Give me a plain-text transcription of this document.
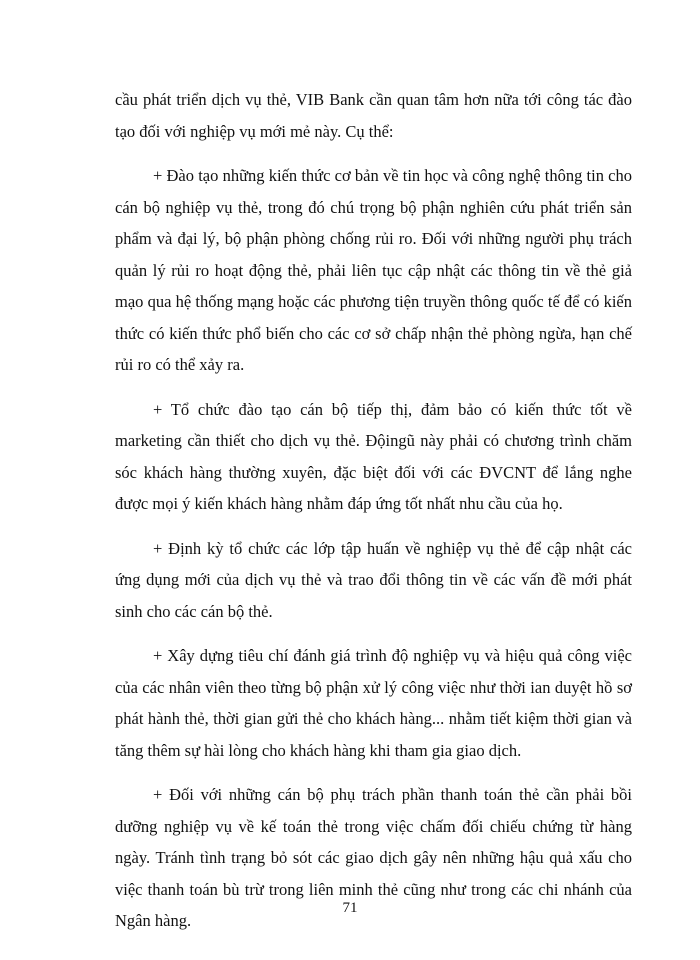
cầu phát triển dịch vụ thẻ, VIB Bank cần quan tâm hơn nữa tới công tác đào tạo đối với nghiệp vụ mới mẻ này. Cụ thể:

+ Đào tạo những kiến thức cơ bản về tin học và công nghệ thông tin cho cán bộ nghiệp vụ thẻ, trong đó chú trọng bộ phận nghiên cứu phát triển sản phẩm và đại lý, bộ phận phòng chống rủi ro. Đối với những người phụ trách quản lý rủi ro hoạt động thẻ, phải liên tục cập nhật các thông tin về thẻ giả mạo qua hệ thống mạng hoặc các phương tiện truyền thông quốc tế để có kiến thức có kiến thức phổ biến cho các cơ sở chấp nhận thẻ phòng ngừa, hạn chế rủi ro có thể xảy ra.

+ Tổ chức đào tạo cán bộ tiếp thị, đảm bảo có kiến thức tốt về marketing cần thiết cho dịch vụ thẻ. Độingũ này phải có chương trình chăm sóc khách hàng thường xuyên, đặc biệt đối với các ĐVCNT để lắng nghe được mọi ý kiến khách hàng nhằm đáp ứng tốt nhất nhu cầu của họ.

+ Định kỳ tổ chức các lớp tập huấn về nghiệp vụ thẻ để cập nhật các ứng dụng mới của dịch vụ thẻ và trao đổi thông tin về các vấn đề mới phát sinh cho các cán bộ thẻ.

+ Xây dựng tiêu chí đánh giá trình độ nghiệp vụ và hiệu quả công việc của các nhân viên theo từng bộ phận xử lý công việc như thời ian duyệt hồ sơ phát hành thẻ, thời gian gửi thẻ cho khách hàng... nhằm tiết kiệm thời gian và tăng thêm sự hài lòng cho khách hàng khi tham gia giao dịch.

+ Đối với những cán bộ phụ trách phần thanh toán thẻ cần phải bồi dưỡng nghiệp vụ về kế toán thẻ trong việc chấm đối chiếu chứng từ hàng ngày. Tránh tình trạng bỏ sót các giao dịch gây nên những hậu quả xấu cho việc thanh toán bù trừ trong liên minh thẻ cũng như trong các chi nhánh của Ngân hàng.

71
